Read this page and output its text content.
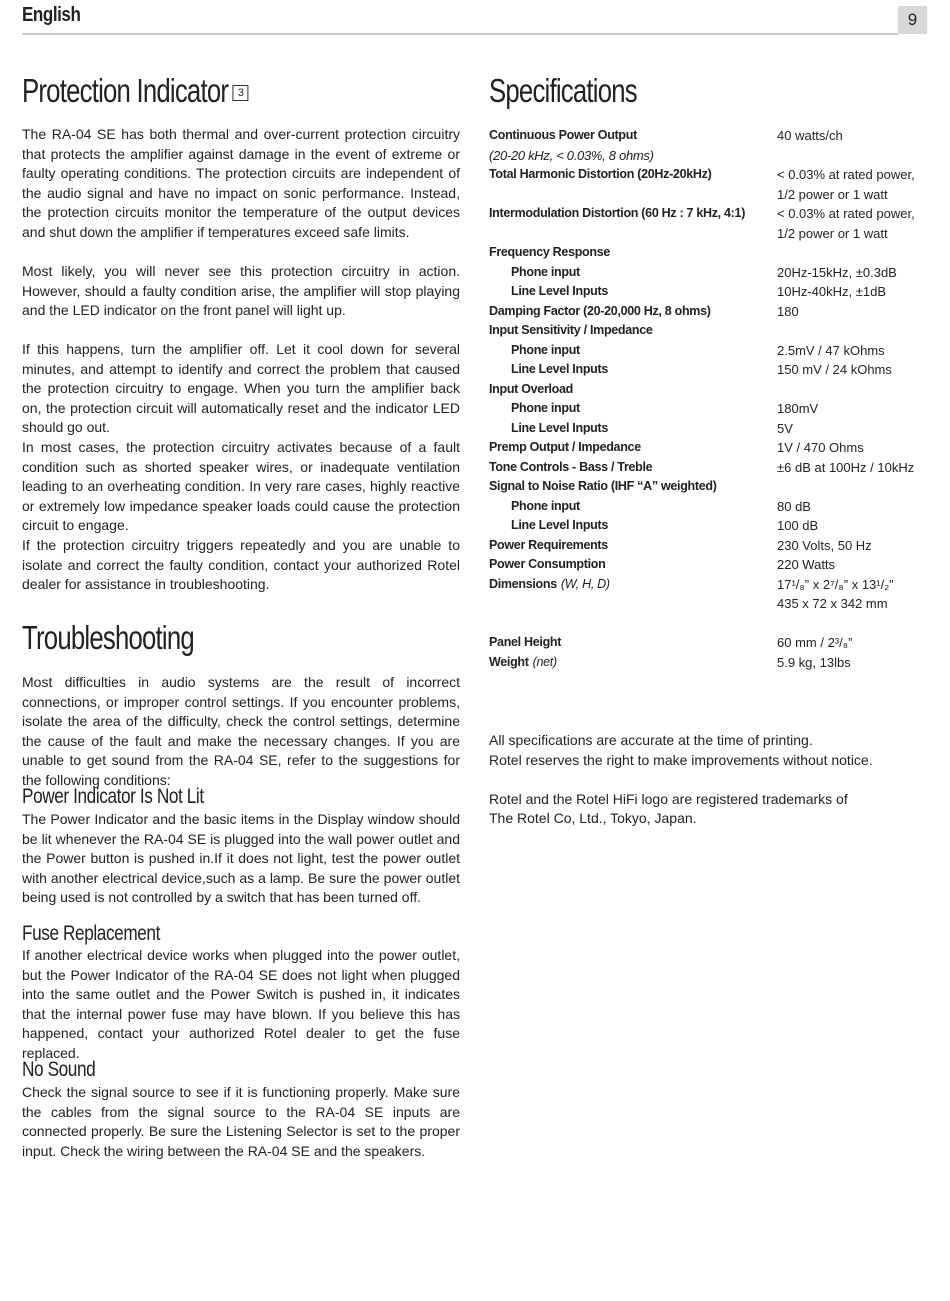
English	9
Protection Indicator 3

The RA-04 SE has both thermal and over-current protection circuitry that protects the amplifier against damage in the event of extreme or faulty operating conditions. The protection circuits are independent of the audio signal and have no impact on sonic performance. Instead, the protection circuits monitor the temperature of the output devices and shut down the amplifier if temperatures exceed safe limits.

Most likely, you will never see this protection circuitry in action. However, should a faulty condition arise, the amplifier will stop playing and the LED indicator on the front panel will light up.

If this happens, turn the amplifier off. Let it cool down for several minutes, and attempt to identify and correct the problem that caused the protection circuitry to engage. When you turn the amplifier back on, the protection circuit will automatically reset and the indicator LED should go out.

In most cases, the protection circuitry activates because of a fault condition such as shorted speaker wires, or inadequate ventilation leading to an overheating condition. In very rare cases, highly reactive or extremely low impedance speaker loads could cause the protection circuit to engage.

If the protection circuitry triggers repeatedly and you are unable to isolate and correct the faulty condition, contact your authorized Rotel dealer for assistance in troubleshooting.

Troubleshooting

Most difficulties in audio systems are the result of incorrect connections, or improper control settings. If you encounter problems, isolate the area of the difficulty, check the control settings, determine the cause of the fault and make the necessary changes. If you are unable to get sound from the RA-04 SE, refer to the suggestions for the following conditions:

Power Indicator Is Not Lit

The Power Indicator and the basic items in the Display window should be lit whenever the RA-04 SE is plugged into the wall power outlet and the Power button is pushed in.If it does not light, test the power outlet with another electrical device,such as a lamp. Be sure the power outlet being used is not controlled by a switch that has been turned off.

Fuse Replacement

If another electrical device works when plugged into the power outlet, but the Power Indicator of the RA-04 SE does not light when plugged into the same outlet and the Power Switch is pushed in, it indicates that the internal power fuse may have blown. If you believe this has happened, contact your authorized Rotel dealer to get the fuse replaced.

No Sound

Check the signal source to see if it is functioning properly. Make sure the cables from the signal source to the RA-04 SE inputs are connected properly. Be sure the Listening Selector is set to the proper input. Check the wiring between the RA-04 SE and the speakers.

Specifications
Continuous Power Output	40 watts/ch
(20-20 kHz, < 0.03%, 8 ohms)
Total Harmonic Distortion (20Hz-20kHz)	< 0.03% at rated power,
1/2 power or 1 watt
Intermodulation Distortion (60 Hz : 7 kHz, 4:1) < 0.03% at rated power,
1/2 power or 1 watt
Frequency Response
Phone input	20Hz-15kHz, ±0.3dB
Line Level Inputs	10Hz-40kHz, ±1dB
Damping Factor (20-20,000 Hz, 8 ohms)	180
Input Sensitivity / Impedance
Phone input	2.5mV / 47 kOhms
Line Level Inputs	150 mV / 24 kOhms
Input Overload
Phone input	180mV
Line Level Inputs	5V
Premp Output / Impedance	1V / 470 Ohms
Tone Controls - Bass / Treble	±6 dB at 100Hz / 10kHz
Signal to Noise Ratio (IHF “A” weighted)
Phone input	80 dB
Line Level Inputs	100 dB
Power Requirements	230 Volts, 50 Hz
Power Consumption	220 Watts
Dimensions (W, H, D)	17¹/₈” x 2⁷/₈” x 13¹/₂”
435 x 72 x 342 mm
Panel Height	60 mm / 2³/₈”
Weight (net)	5.9 kg, 13lbs
All specifications are accurate at the time of printing.
Rotel reserves the right to make improvements without notice.
Rotel and the Rotel HiFi logo are registered trademarks of
The Rotel Co, Ltd., Tokyo, Japan.
